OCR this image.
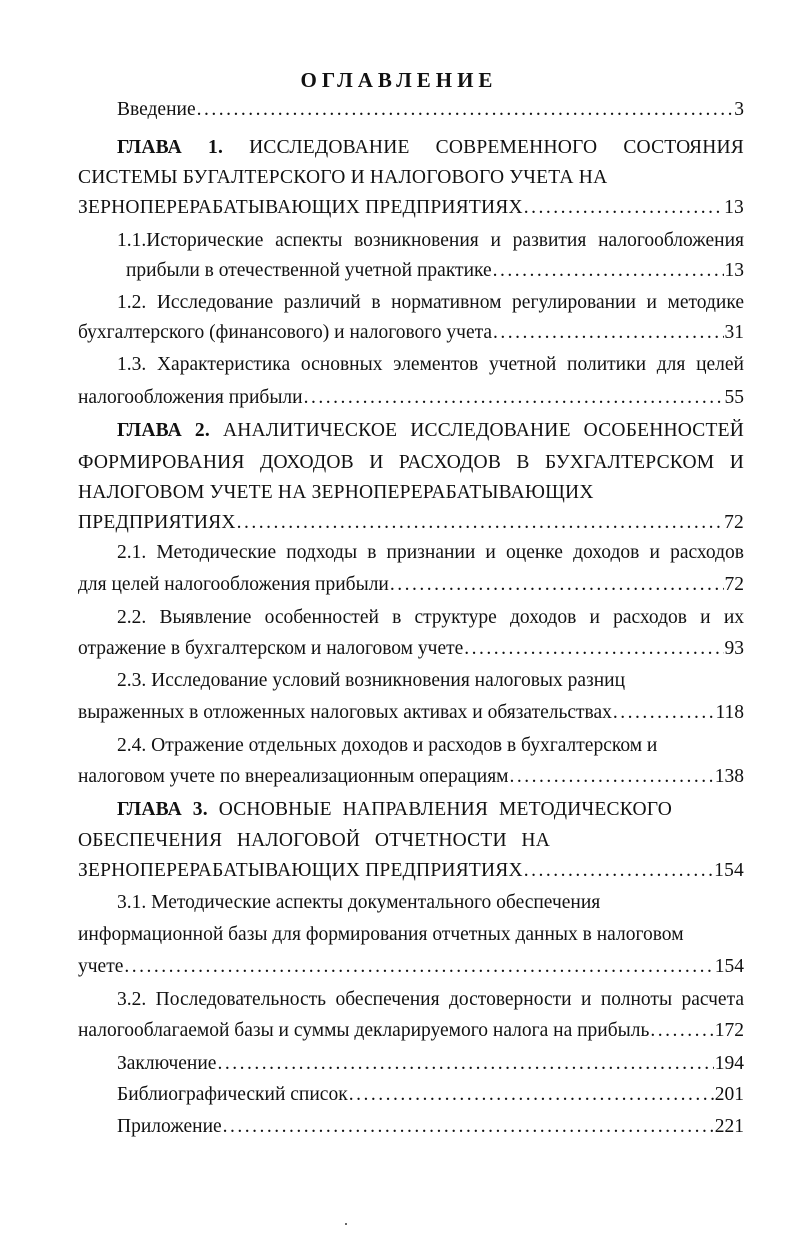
ОГЛАВЛЕНИЕ
Введение .....	3
ГЛАВА 1. ИССЛЕДОВАНИЕ СОВРЕМЕННОГО СОСТОЯНИЯ
СИСТЕМЫ БУГАЛТЕРСКОГО И НАЛОГОВОГО УЧЕТА НА
ЗЕРНОПЕРЕРАБАТЫВАЮЩИХ ПРЕДПРИЯТИЯХ .....	13
1.1.Исторические аспекты возникновения и развития налогообложения
прибыли в отечественной учетной практике .....	13
1.2. Исследование различий в нормативном регулировании и методике
бухгалтерского (финансового) и налогового учета .....	31
1.3. Характеристика основных элементов учетной политики для целей
налогообложения прибыли .....	55
ГЛАВА 2. АНАЛИТИЧЕСКОЕ ИССЛЕДОВАНИЕ ОСОБЕННОСТЕЙ
ФОРМИРОВАНИЯ ДОХОДОВ И РАСХОДОВ В БУХГАЛТЕРСКОМ И
НАЛОГОВОМ УЧЕТЕ НА ЗЕРНОПЕРЕРАБАТЫВАЮЩИХ
ПРЕДПРИЯТИЯХ .....	72
2.1. Методические подходы в признании и оценке доходов и расходов
для целей налогообложения прибыли .....	72
2.2. Выявление особенностей в структуре доходов и расходов и их
отражение в бухгалтерском и налоговом учете .....	93
2.3. Исследование условий возникновения налоговых разниц
выраженных в отложенных налоговых активах и обязательствах .....	118
2.4. Отражение отдельных доходов и расходов в бухгалтерском и
налоговом учете по внереализационным операциям .....	138
ГЛАВА 3. ОСНОВНЫЕ НАПРАВЛЕНИЯ МЕТОДИЧЕСКОГО
ОБЕСПЕЧЕНИЯ НАЛОГОВОЙ ОТЧЕТНОСТИ НА
ЗЕРНОПЕРЕРАБАТЫВАЮЩИХ ПРЕДПРИЯТИЯХ .....	154
3.1. Методические аспекты документального обеспечения
информационной базы для формирования отчетных данных в налоговом
учете .....	154
3.2. Последовательность обеспечения достоверности и полноты расчета
налогооблагаемой базы и суммы декларируемого налога на прибыль .....	172
Заключение .....	194
Библиографический список .....	201
Приложение .....	221
